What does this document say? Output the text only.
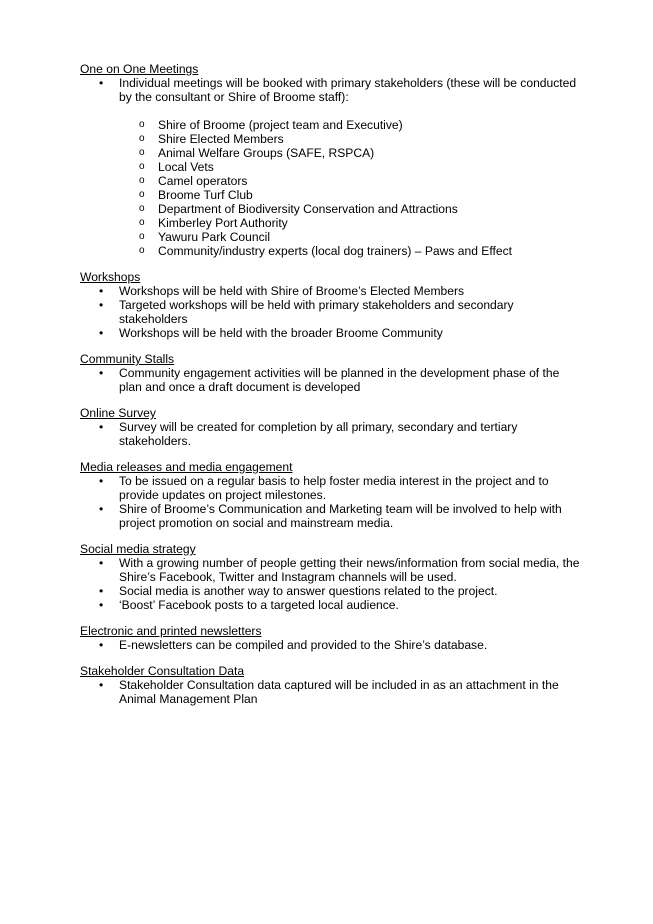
One on One Meetings

• Individual meetings will be booked with primary stakeholders (these will be conducted by the consultant or Shire of Broome staff):
o Shire of Broome (project team and Executive)
o Shire Elected Members
o Animal Welfare Groups (SAFE, RSPCA)
o Local Vets
o Camel operators
o Broome Turf Club
o Department of Biodiversity Conservation and Attractions
o Kimberley Port Authority
o Yawuru Park Council
o Community/industry experts (local dog trainers) – Paws and Effect

Workshops

• Workshops will be held with Shire of Broome’s Elected Members
• Targeted workshops will be held with primary stakeholders and secondary stakeholders
• Workshops will be held with the broader Broome Community

Community Stalls

• Community engagement activities will be planned in the development phase of the plan and once a draft document is developed

Online Survey

• Survey will be created for completion by all primary, secondary and tertiary stakeholders.

Media releases and media engagement

• To be issued on a regular basis to help foster media interest in the project and to provide updates on project milestones.
• Shire of Broome’s Communication and Marketing team will be involved to help with project promotion on social and mainstream media.

Social media strategy

• With a growing number of people getting their news/information from social media, the Shire’s Facebook, Twitter and Instagram channels will be used.
• Social media is another way to answer questions related to the project.
• ‘Boost’ Facebook posts to a targeted local audience.

Electronic and printed newsletters

• E-newsletters can be compiled and provided to the Shire’s database.

Stakeholder Consultation Data

• Stakeholder Consultation data captured will be included in as an attachment in the Animal Management Plan
